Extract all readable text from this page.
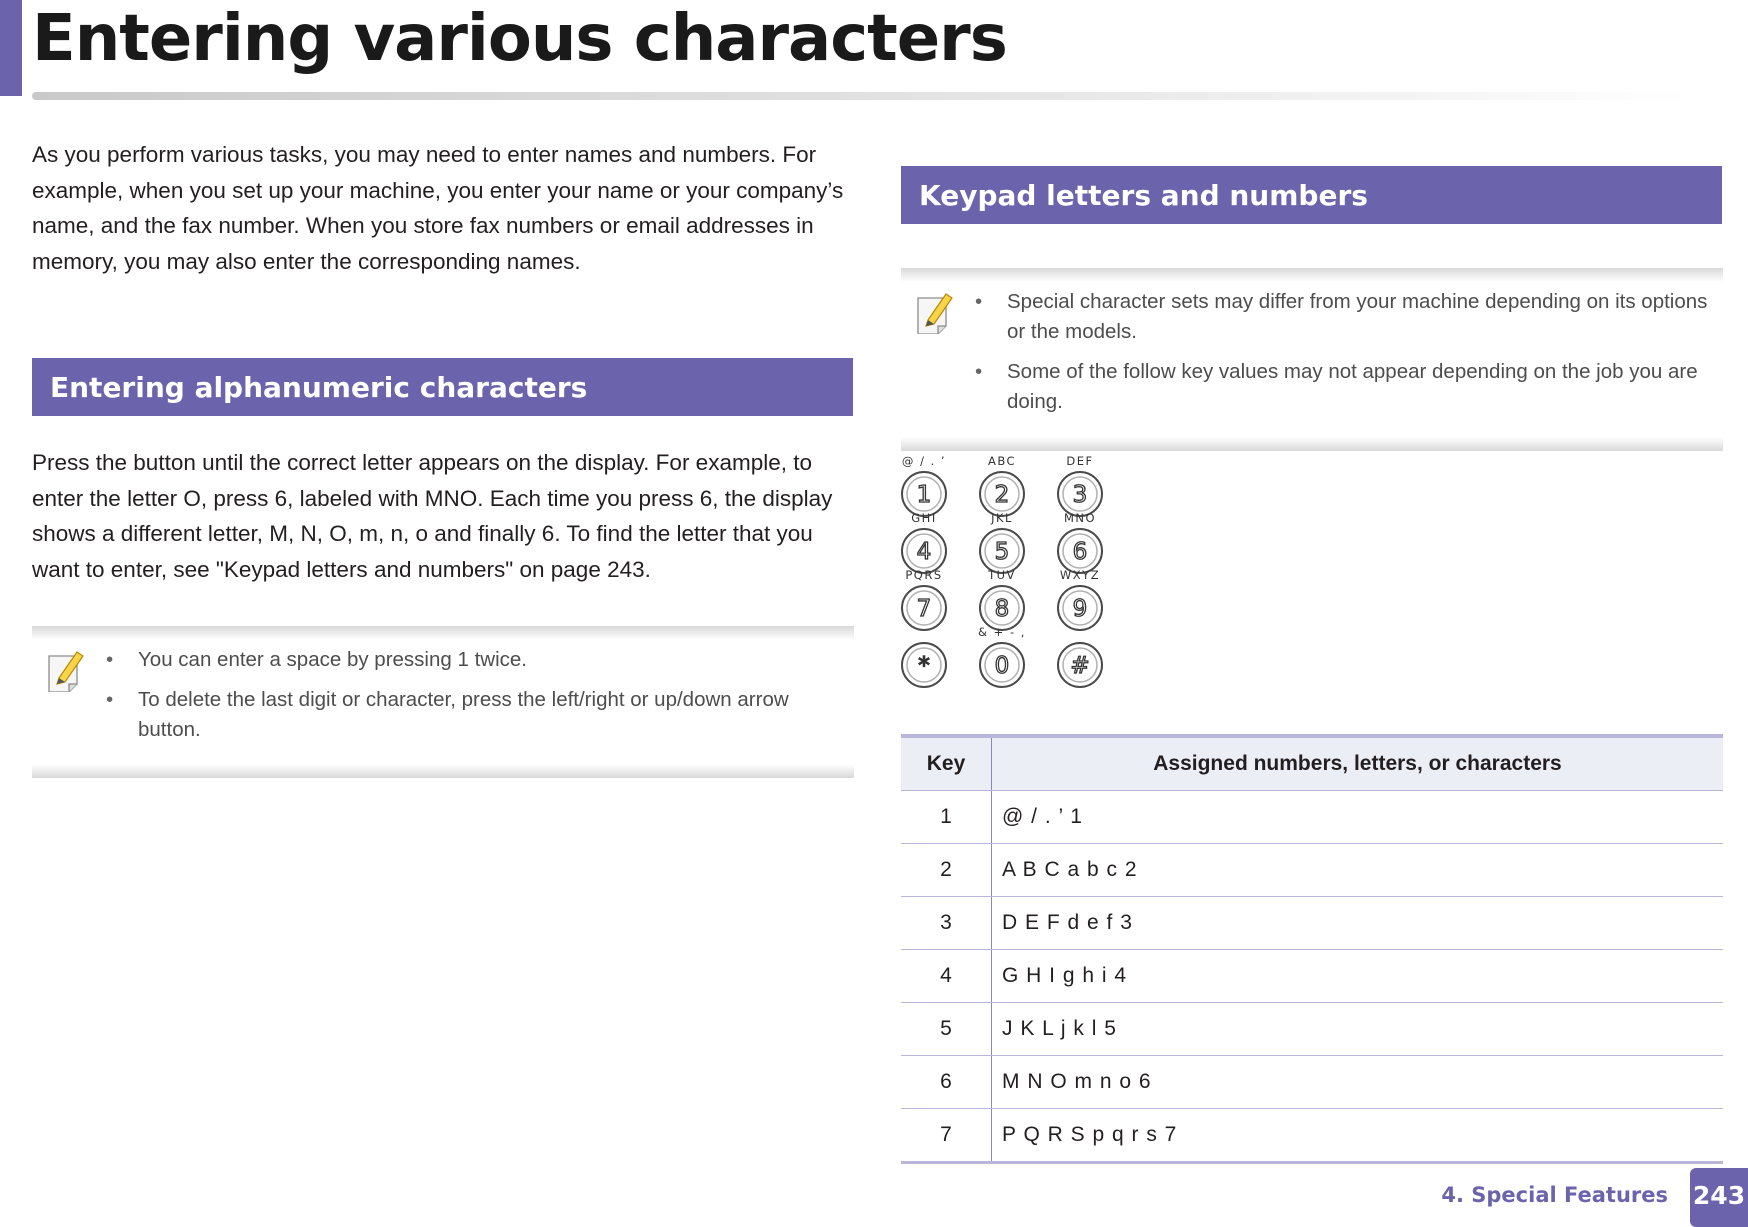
Entering various characters

As you perform various tasks, you may need to enter names and numbers. For example, when you set up your machine, you enter your name or your company’s name, and the fax number. When you store fax numbers or email addresses in memory, you may also enter the corresponding names.

Entering alphanumeric characters

Press the button until the correct letter appears on the display. For example, to enter the letter O, press 6, labeled with MNO. Each time you press 6, the display shows a different letter, M, N, O, m, n, o and finally 6. To find the letter that you want to enter, see "Keypad letters and numbers" on page 243.

• You can enter a space by pressing 1 twice.
• To delete the last digit or character, press the left/right or up/down arrow button.
Keypad letters and numbers
• Special character sets may differ from your machine depending on its options or the models.
• Some of the follow key values may not appear depending on the job you are doing.
@ / . ’
1
ABC
2
DEF
3
GHI
4
JKL
5
MNO
6
PQRS
7
TUV
8
WXYZ
9
*
& + - ,
0	#
Key	Assigned numbers, letters, or characters
1	@ / . ’ 1
2	A B C a b c 2
3	D E F d e f 3
4	G H I g h i 4
5	J K L j k l 5
6	M N O m n o 6
7	P Q R S p q r s 7
4. Special Features 243
